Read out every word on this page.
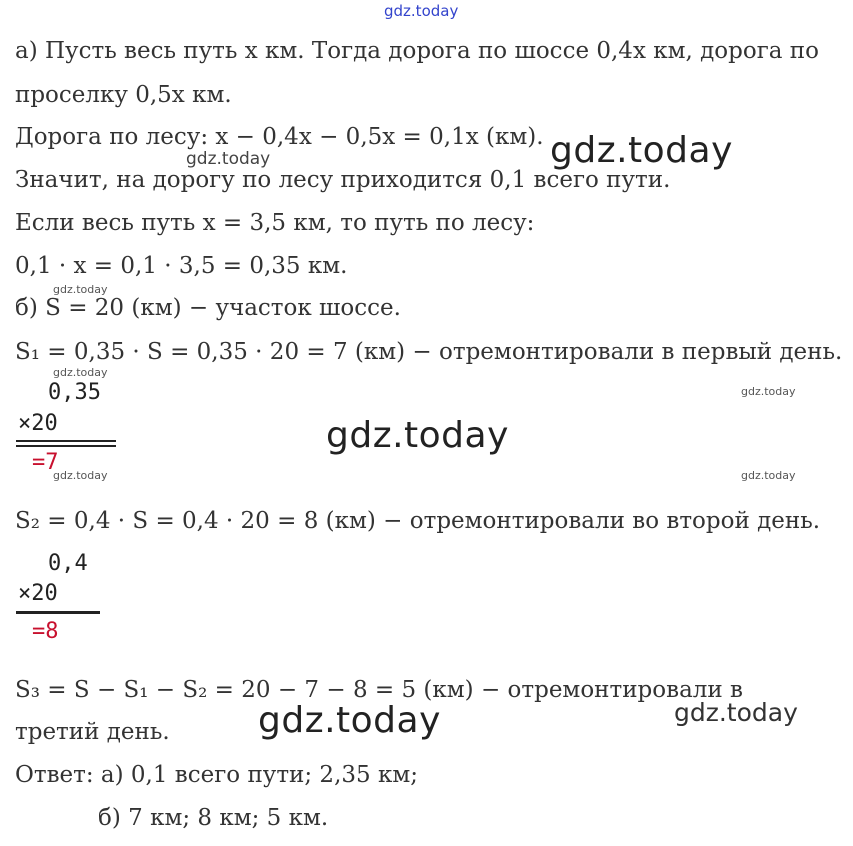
gdz.today
gdz.today
gdz.today
gdz.today
gdz.today
gdz.today
gdz.today
gdz.today	gdz.today
gdz.today	gdz.today
а) Пусть весь путь x км. Тогда дорога по шоссе 0,4x км, дорога по
проселку 0,5x км.
Дорога по лесу: x − 0,4x − 0,5x = 0,1x (км).
Значит, на дорогу по лесу приходится 0,1 всего пути.
Если весь путь x = 3,5 км, то путь по лесу:
0,1 · x = 0,1 · 3,5 = 0,35 км.
б) S = 20 (км) − участок шоссе.
S₁ = 0,35 · S = 0,35 · 20 = 7 (км) − отремонтировали в первый день.
0,35
×20
=7
S₂ = 0,4 · S = 0,4 · 20 = 8 (км) − отремонтировали во второй день.
0,4
×20
=8
S₃ = S − S₁ − S₂ = 20 − 7 − 8 = 5 (км) − отремонтировали в
третий день.
Ответ: а) 0,1 всего пути; 2,35 км;
б) 7 км; 8 км; 5 км.
